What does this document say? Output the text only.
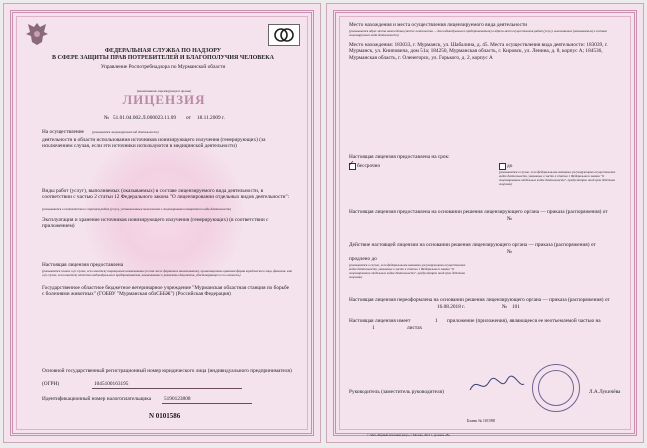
ФЕДЕРАЛЬНАЯ СЛУЖБА ПО НАДЗОРУ
В СФЕРЕ ЗАЩИТЫ ПРАВ ПОТРЕБИТЕЛЕЙ И БЛАГОПОЛУЧИЯ ЧЕЛОВЕКА
Управление Роспотребнадзора по Мурманской области
(наименование лицензирующего органа)
ЛИЦЕНЗИЯ
№ 51.01.04.002.Л.000023.11.09 от 18.11.2009 г.
На осуществление	(указывается лицензируемый вид деятельности)
деятельности в области использования источников ионизирующего излучения (генерирующих) (за исключением случая, если эти источники используются в медицинской деятельности)
Виды работ (услуг), выполняемых (оказываемых) в составе лицензируемого вида деятельности, в соответствии с частью 2 статьи 12 Федерального закона "О лицензировании отдельных видов деятельности":
(указываются в соответствии с перечнем работ (услуг), установленным положением о лицензировании конкретного вида деятельности)
Эксплуатация и хранение источников ионизирующего излучения (генерирующих) (в соответствии с приложением)
Настоящая лицензия предоставлена
(указывается полное и (в случае, если имеется) сокращенное наименование (в том числе фирменное наименование), организационно-правовая форма юридического лица, фамилия, имя и (в случае, если имеется) отчество индивидуального предпринимателя, наименование и реквизиты документа, удостоверяющего его личность)
Государственное областное бюджетное ветеринарное учреждение "Мурманская областная станция по борьбе с болезнями животных" (ГОБВУ "Мурманская облСББЖ") (Российская Федерация)
Основной государственный регистрационный номер юридического лица (индивидуального предпринимателя)
(ОГРН)	1045100163195
Идентификационный номер налогоплательщика 5190123808
N 0101586
Место нахождения и места осуществления лицензируемого вида деятельности
(указываются адрес места нахождения (место жительства — для индивидуального предпринимателя) и адреса мест осуществления работ (услуг), выполняемых (оказываемых) в составе лицензируемого вида деятельности)
Место нахождения: 183033, г. Мурманск, ул. Шабалина, д. 45. Места осуществления вида деятельности: 183039, г. Мурманск, ул. Книповича, дом 51а; 184250, Мурманская область, г. Кировск, ул. Ленина, д. 8, корпус А; 184536, Мурманская область, г. Оленегорск, ул. Горького, д. 2, корпус А
Настоящая лицензия предоставлена на срок:
✓ бессрочно	до
(указывается в случае, если федеральными законами, регулирующими осуществление видов деятельности, указанных в части 4 статьи 1 Федерального закона "О лицензировании отдельных видов деятельности", предусмотрен иной срок действия лицензии)
Настоящая лицензия предоставлена на основании решения лицензирующего органа — приказа (распоряжения) от
№
Действие настоящей лицензии на основании решения лицензирующего органа — приказа (распоряжения) от
№
продлено до
(указывается в случае, если федеральными законами, регулирующими осуществление видов деятельности, указанных в части 4 статьи 1 Федерального закона "О лицензировании отдельных видов деятельности", предусмотрен иной срок действия лицензии)
Настоящая лицензия переоформлена на основании решения лицензирующего органа — приказа (распоряжения) от
16.08.2018 г.	№ 101
Настоящая лицензия имеет	1 приложение (приложения), являющееся ее неотъемлемой частью на
1	листах
Руководитель (заместитель руководителя)	Л.А.Лукичёва
Бланк № 101588
© ЗАО «Первый печатный двор», г. Москва, 2012 г., уровень «В»
